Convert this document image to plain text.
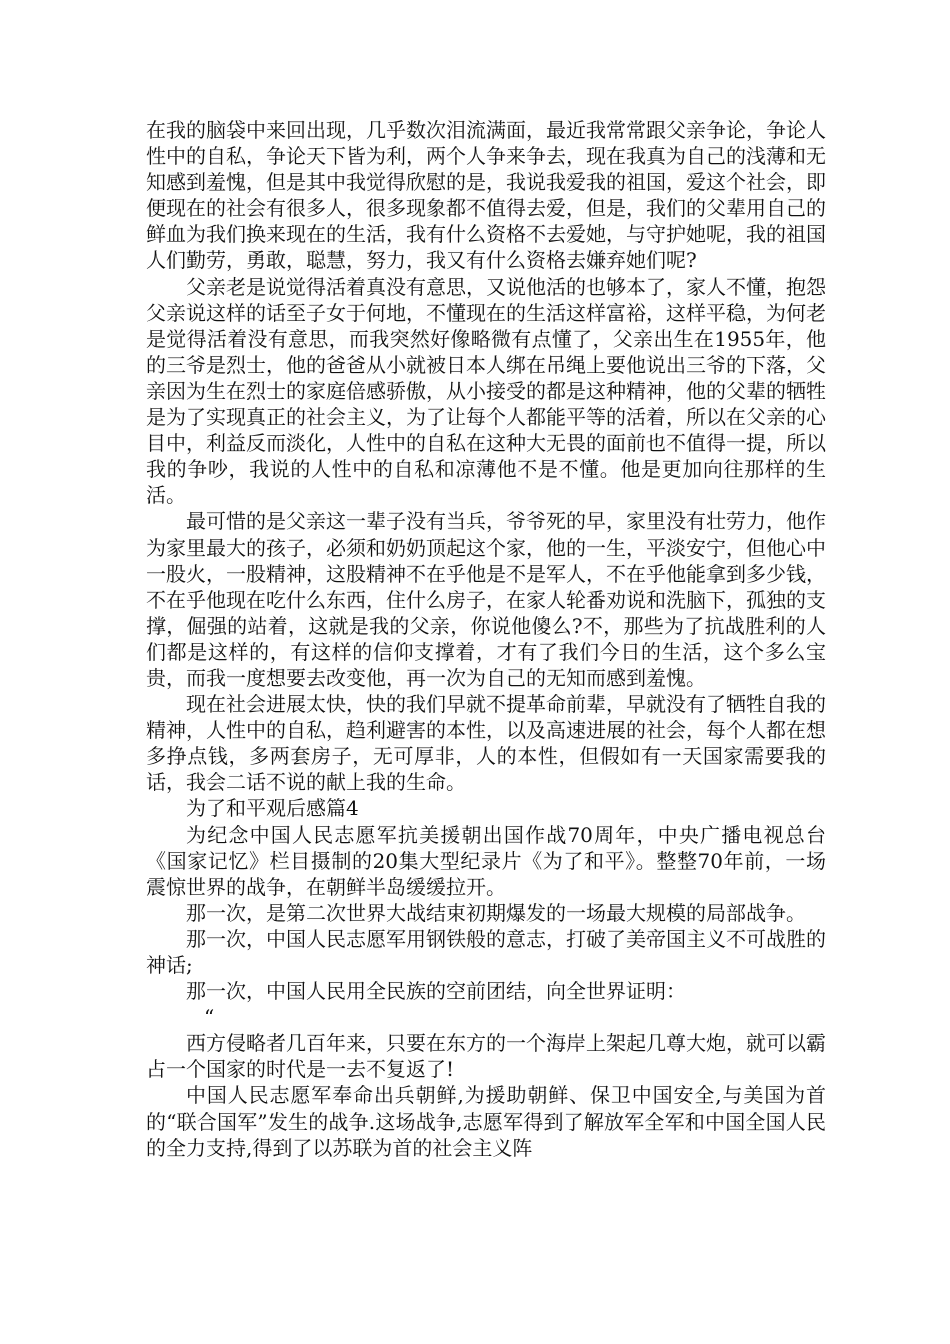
在我的脑袋中来回出现，几乎数次泪流满面，最近我常常跟父亲争论，争论人性中的自私，争论天下皆为利，两个人争来争去，现在我真为自己的浅薄和无知感到羞愧，但是其中我觉得欣慰的是，我说我爱我的祖国，爱这个社会，即便现在的社会有很多人，很多现象都不值得去爱，但是，我们的父辈用自己的鲜血为我们换来现在的生活，我有什么资格不去爱她，与守护她呢，我的祖国人们勤劳，勇敢，聪慧，努力，我又有什么资格去嫌弃她们呢?

父亲老是说觉得活着真没有意思，又说他活的也够本了，家人不懂，抱怨父亲说这样的话至子女于何地，不懂现在的生活这样富裕，这样平稳，为何老是觉得活着没有意思，而我突然好像略微有点懂了，父亲出生在1955年，他的三爷是烈士，他的爸爸从小就被日本人绑在吊绳上要他说出三爷的下落，父亲因为生在烈士的家庭倍感骄傲，从小接受的都是这种精神，他的父辈的牺牲是为了实现真正的社会主义，为了让每个人都能平等的活着，所以在父亲的心目中，利益反而淡化，人性中的自私在这种大无畏的面前也不值得一提，所以我的争吵，我说的人性中的自私和凉薄他不是不懂。他是更加向往那样的生活。

最可惜的是父亲这一辈子没有当兵，爷爷死的早，家里没有壮劳力，他作为家里最大的孩子，必须和奶奶顶起这个家，他的一生，平淡安宁，但他心中一股火，一股精神，这股精神不在乎他是不是军人，不在乎他能拿到多少钱，不在乎他现在吃什么东西，住什么房子，在家人轮番劝说和洗脑下，孤独的支撑，倔强的站着，这就是我的父亲，你说他傻么?不，那些为了抗战胜利的人们都是这样的，有这样的信仰支撑着，才有了我们今日的生活，这个多么宝贵，而我一度想要去改变他，再一次为自己的无知而感到羞愧。

现在社会进展太快，快的我们早就不提革命前辈，早就没有了牺牲自我的精神，人性中的自私，趋利避害的本性，以及高速进展的社会，每个人都在想多挣点钱，多两套房子，无可厚非，人的本性，但假如有一天国家需要我的话，我会二话不说的献上我的生命。

为了和平观后感篇4

为纪念中国人民志愿军抗美援朝出国作战70周年，中央广播电视总台《国家记忆》栏目摄制的20集大型纪录片《为了和平》。整整70年前，一场震惊世界的战争，在朝鲜半岛缓缓拉开。

那一次，是第二次世界大战结束初期爆发的一场最大规模的局部战争。

那一次，中国人民志愿军用钢铁般的意志，打破了美帝国主义不可战胜的神话;

那一次，中国人民用全民族的空前团结，向全世界证明：

“

西方侵略者几百年来，只要在东方的一个海岸上架起几尊大炮，就可以霸占一个国家的时代是一去不复返了!

中国人民志愿军奉命出兵朝鲜,为援助朝鲜、保卫中国安全,与美国为首的“联合国军”发生的战争.这场战争,志愿军得到了解放军全军和中国全国人民的全力支持,得到了以苏联为首的社会主义阵
